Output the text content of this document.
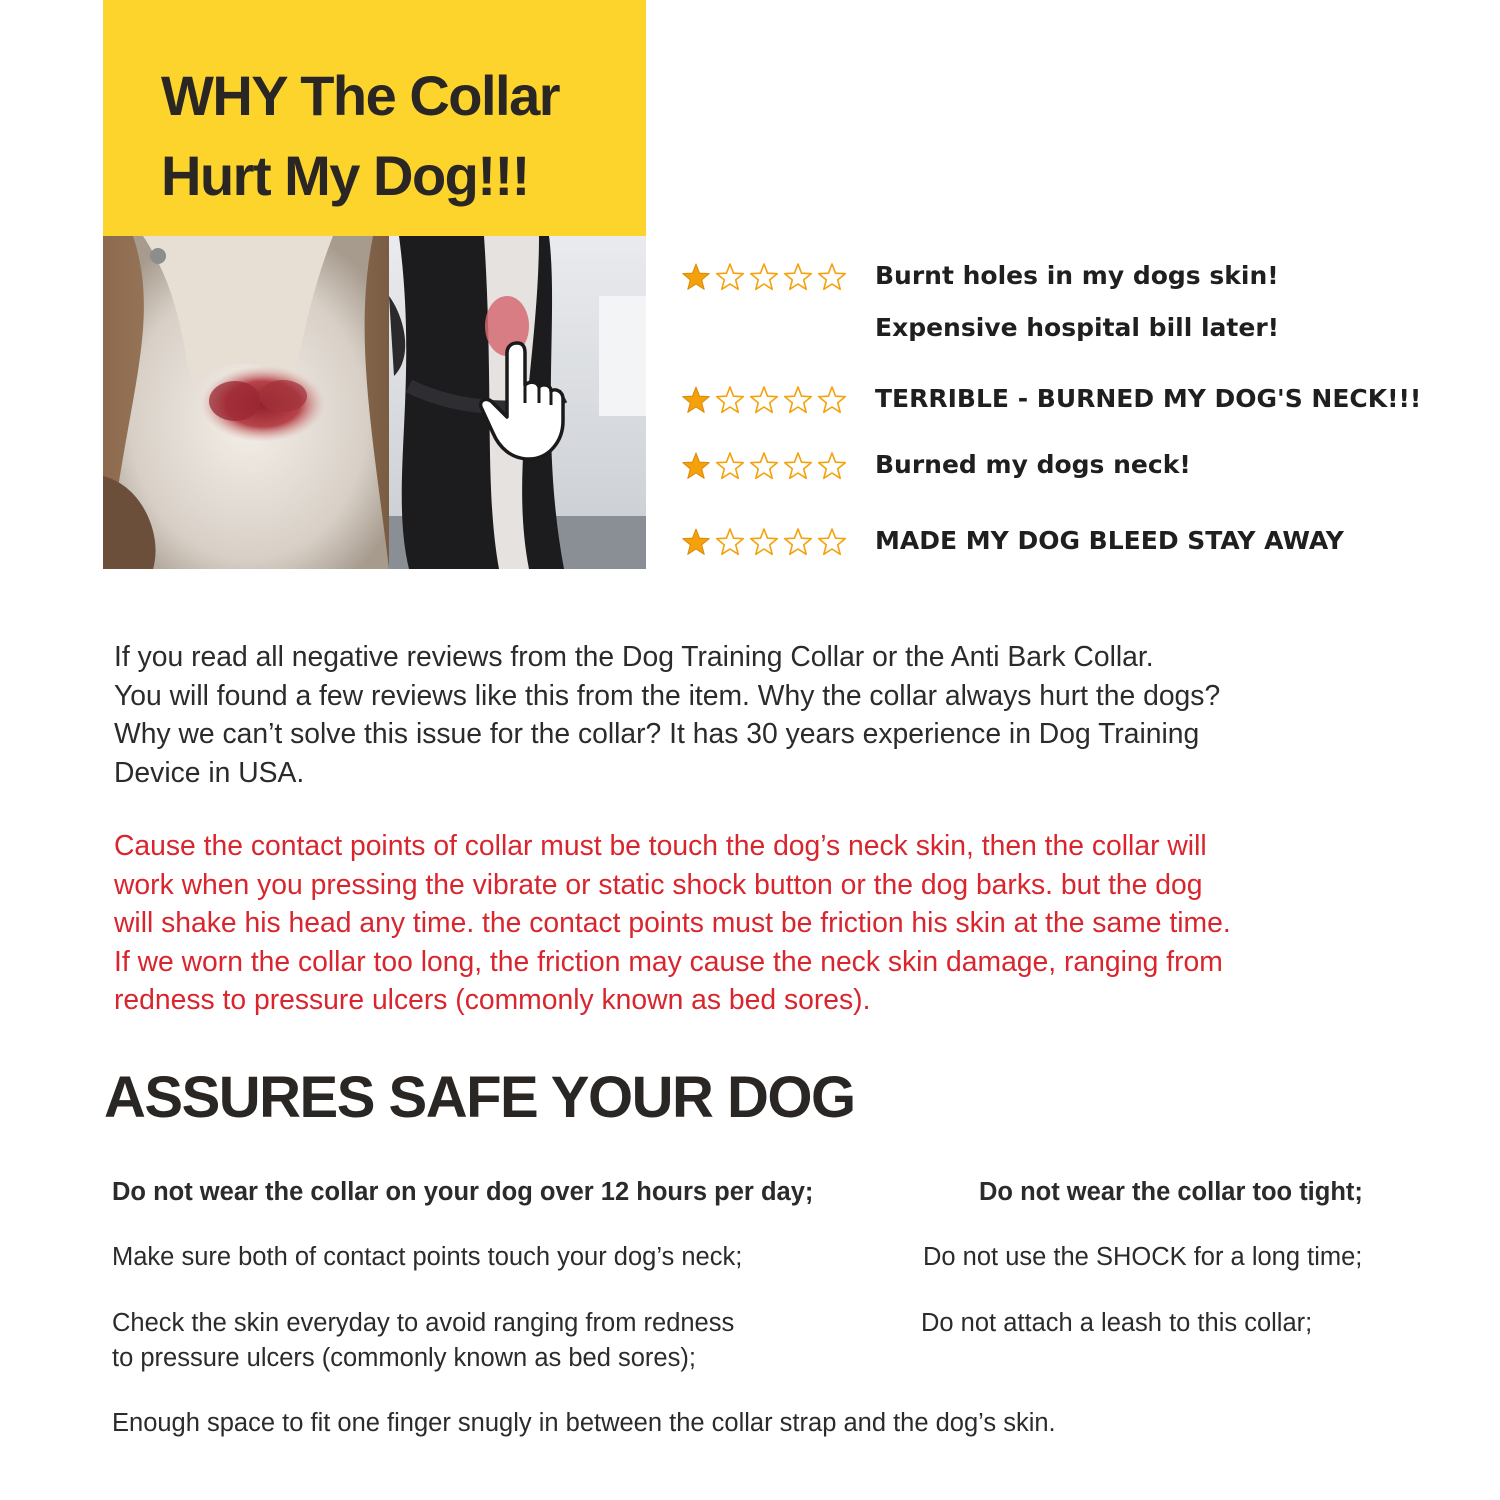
WHY The Collar
Hurt My Dog!!!
Burnt holes in my dogs skin!
Expensive hospital bill later!
TERRIBLE - BURNED MY DOG'S NECK!!!
Burned my dogs neck!
MADE MY DOG BLEED STAY AWAY

If you read all negative reviews from the Dog Training Collar or the Anti Bark Collar.

You will found a few reviews like this from the item. Why the collar always hurt the dogs?

Why we can’t solve this issue for the collar? It has 30 years experience in Dog Training

Device in USA.

Cause the contact points of collar must be touch the dog’s neck skin, then the collar will

work when you pressing the vibrate or static shock button or the dog barks. but the dog

will shake his head any time. the contact points must be friction his skin at the same time.

If we worn the collar too long, the friction may cause the neck skin damage, ranging from

redness to pressure ulcers (commonly known as bed sores).

ASSURES SAFE YOUR DOG
Do not wear the collar on your dog over 12 hours per day;	Do not wear the collar too tight;
Make sure both of contact points touch your dog’s neck;	Do not use the SHOCK for a long time;
Check the skin everyday to avoid ranging from redness
to pressure ulcers (commonly known as bed sores);
Do not attach a leash to this collar;
Enough space to fit one finger snugly in between the collar strap and the dog’s skin.
